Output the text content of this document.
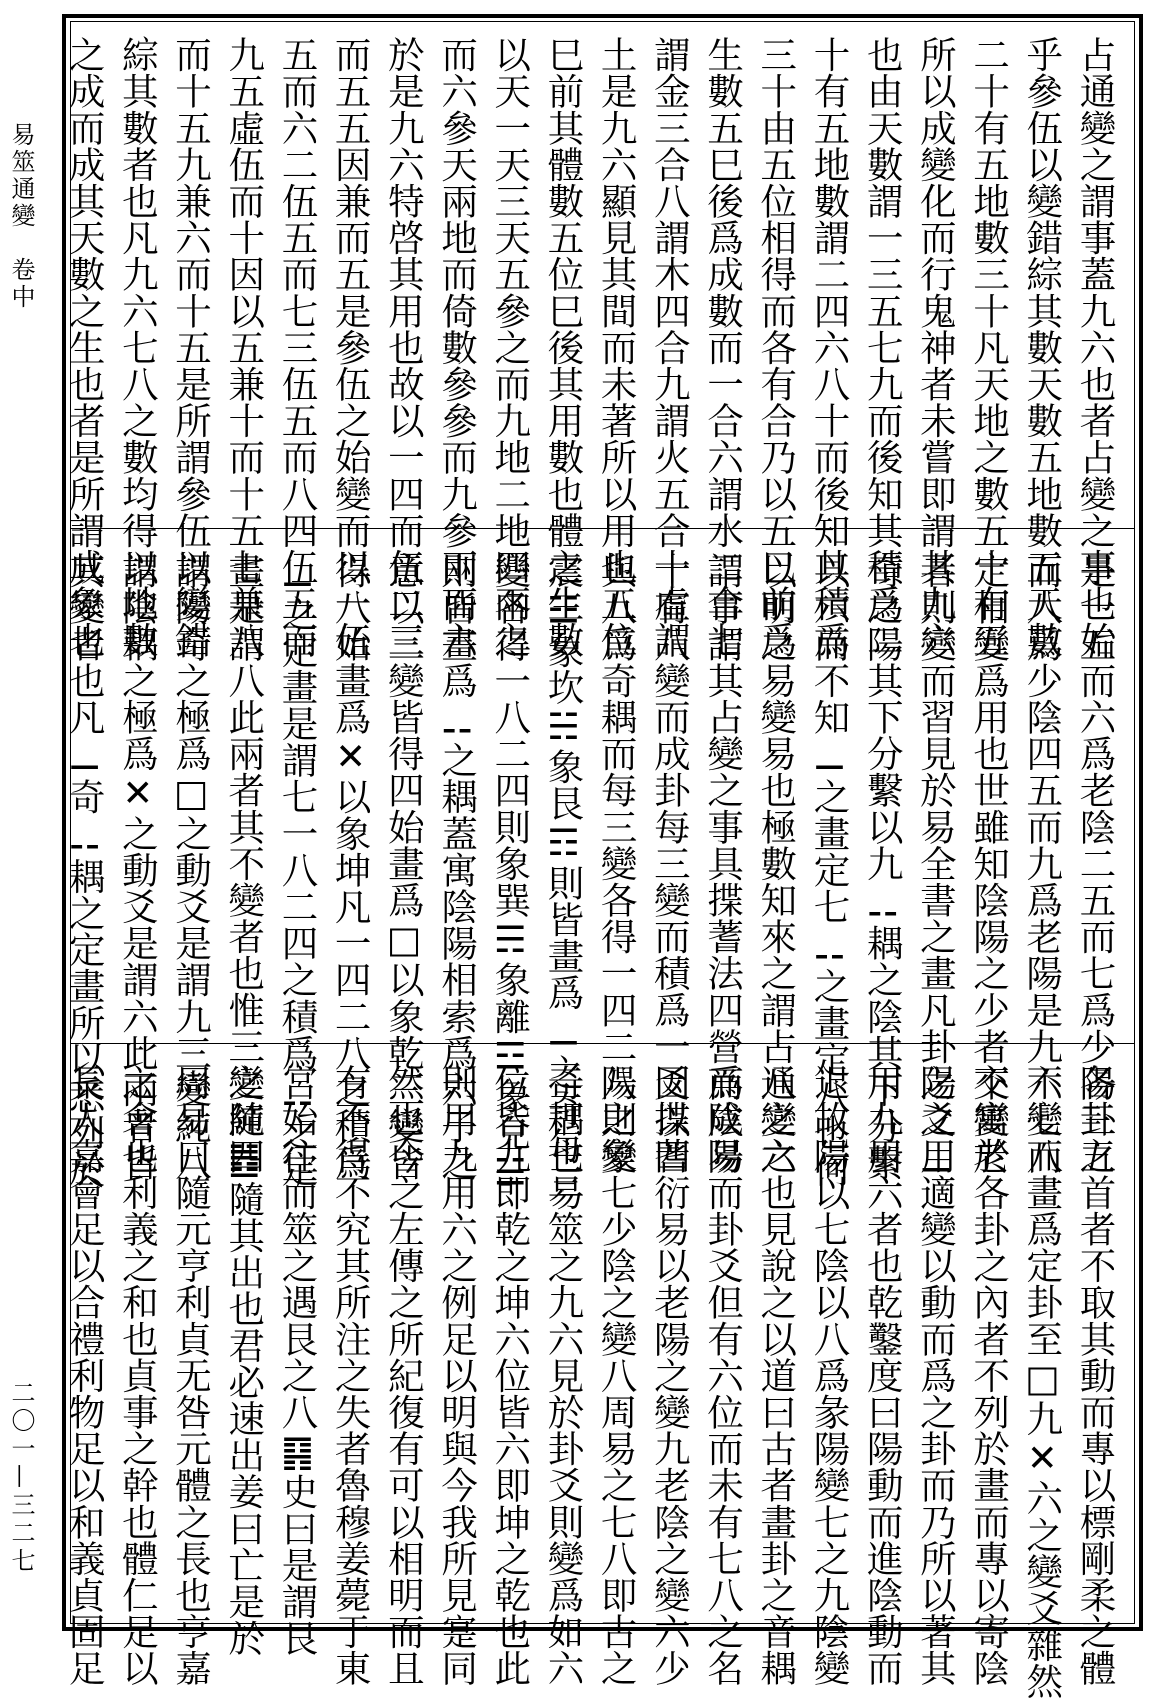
易筮通變　卷中
二〇一—三二七
占通變之謂事蓋九六也者占變之事也始
乎參伍以變錯綜其數天數五地數五天數
二十有五地數三十凡天地之數五十有五
所以成變化而行鬼神者未嘗即謂其九六
也由天數謂一三五七九而後知其積爲二
十有五地數謂二四六八十而後知其積爲
三十由五位相得而各有合乃以五巳前爲
生數五巳後爲成數而一合六謂水二合七
謂金三合八謂木四合九謂火五合十虛謂
土是九六顯見其間而未著所以用也五位
巳前其體數五位巳後其用數也體之生數
以天一天三天五參之而九地二地四兩之
而六參天兩地而倚數參參而九參兩而六
於是九六特啓其用也故以一四而伍二三
而五五因兼而五是參伍之始變而以一伍
五而六二伍五而七三伍五而八四伍五而
九五虛伍而十因以五兼十而十五七兼八
而十五九兼六而十五是所謂參伍以變錯
綜其數者也凡九六七八之數均得以地數
之成而成其天數之生也者是所謂成象也
是一五而六爲老陰二五而七爲少陽三五
而八爲少陰四五而九爲老陽是九六七八
定相變爲用也世雖知陰陽之少者不變老
者則變而習見於易全書之畫凡卦之爻⚊
奇之陽其下分繫以九⚋耦之陰其下分繫
以六而不知⚊之畫定七⚋之畫定八也何
以明之易變易也極數知來之謂占通變之
謂事謂其占變之事具揲蓍法四營而成易
十有八變而成卦每三變而積爲一爻以四
與八爲奇耦而每三變各得一四二八則象
震☳象坎☵象艮☶則皆畫爲⚊之奇每三
變各得一八二四則象巽☴象離☲象兌☱
則皆畫爲⚋之耦蓋寓陰陽相索爲六子之
意以三變皆得四始畫爲□以象乾三變皆
得八始畫爲✕以象坤凡一四二八之積爲
⚊之定畫是謂七一八二四之積爲⚋之定
畫是謂八此兩者其不變者也惟三變純四
謂陽奇之極爲□之動爻是謂九三變純八
謂陰耦之極爲✕之動爻是謂六此兩者皆
其變者也凡⚊奇⚋耦之定畫所以悉列於
各卦之首者不取其動而專以標剛柔之體
不變而畫爲定卦至□九✕六之變爻雜然
交寓於各卦之內者不列於畫而專以寄陰
陽之用適變以動而爲之卦而乃所以著其
用九用六者也乾鑿度曰陽動而進陰動而
退故陽以七陰以八爲彖陽變七之九陰變
八之六也見說之以道曰古者畫卦之音耦
爲陰陽而卦爻但有六位而未有七八之名
因揲蓍衍易以老陽之變九老陰之變六少
陽之變七少陰之變八周易之七八即古之
奇耦也易筮之九六見於卦爻則變爲如六
位皆九即乾之坤六位皆六即坤之乾也此
則用九用六之例足以明與今我所見寔同
然也今之左傳之所紀復有可以相明而且
有不得不究其所注之失者魯穆姜薨于東
宮始往而筮之遇艮之八䷳史曰是謂艮
之隨䷐隨其出也君必速出姜曰亡是於
周易曰隨元亨利貞无咎元體之長也亨嘉
之會也利義之和也貞事之幹也體仁足以
長人嘉會足以合禮利物足以和義貞固足
